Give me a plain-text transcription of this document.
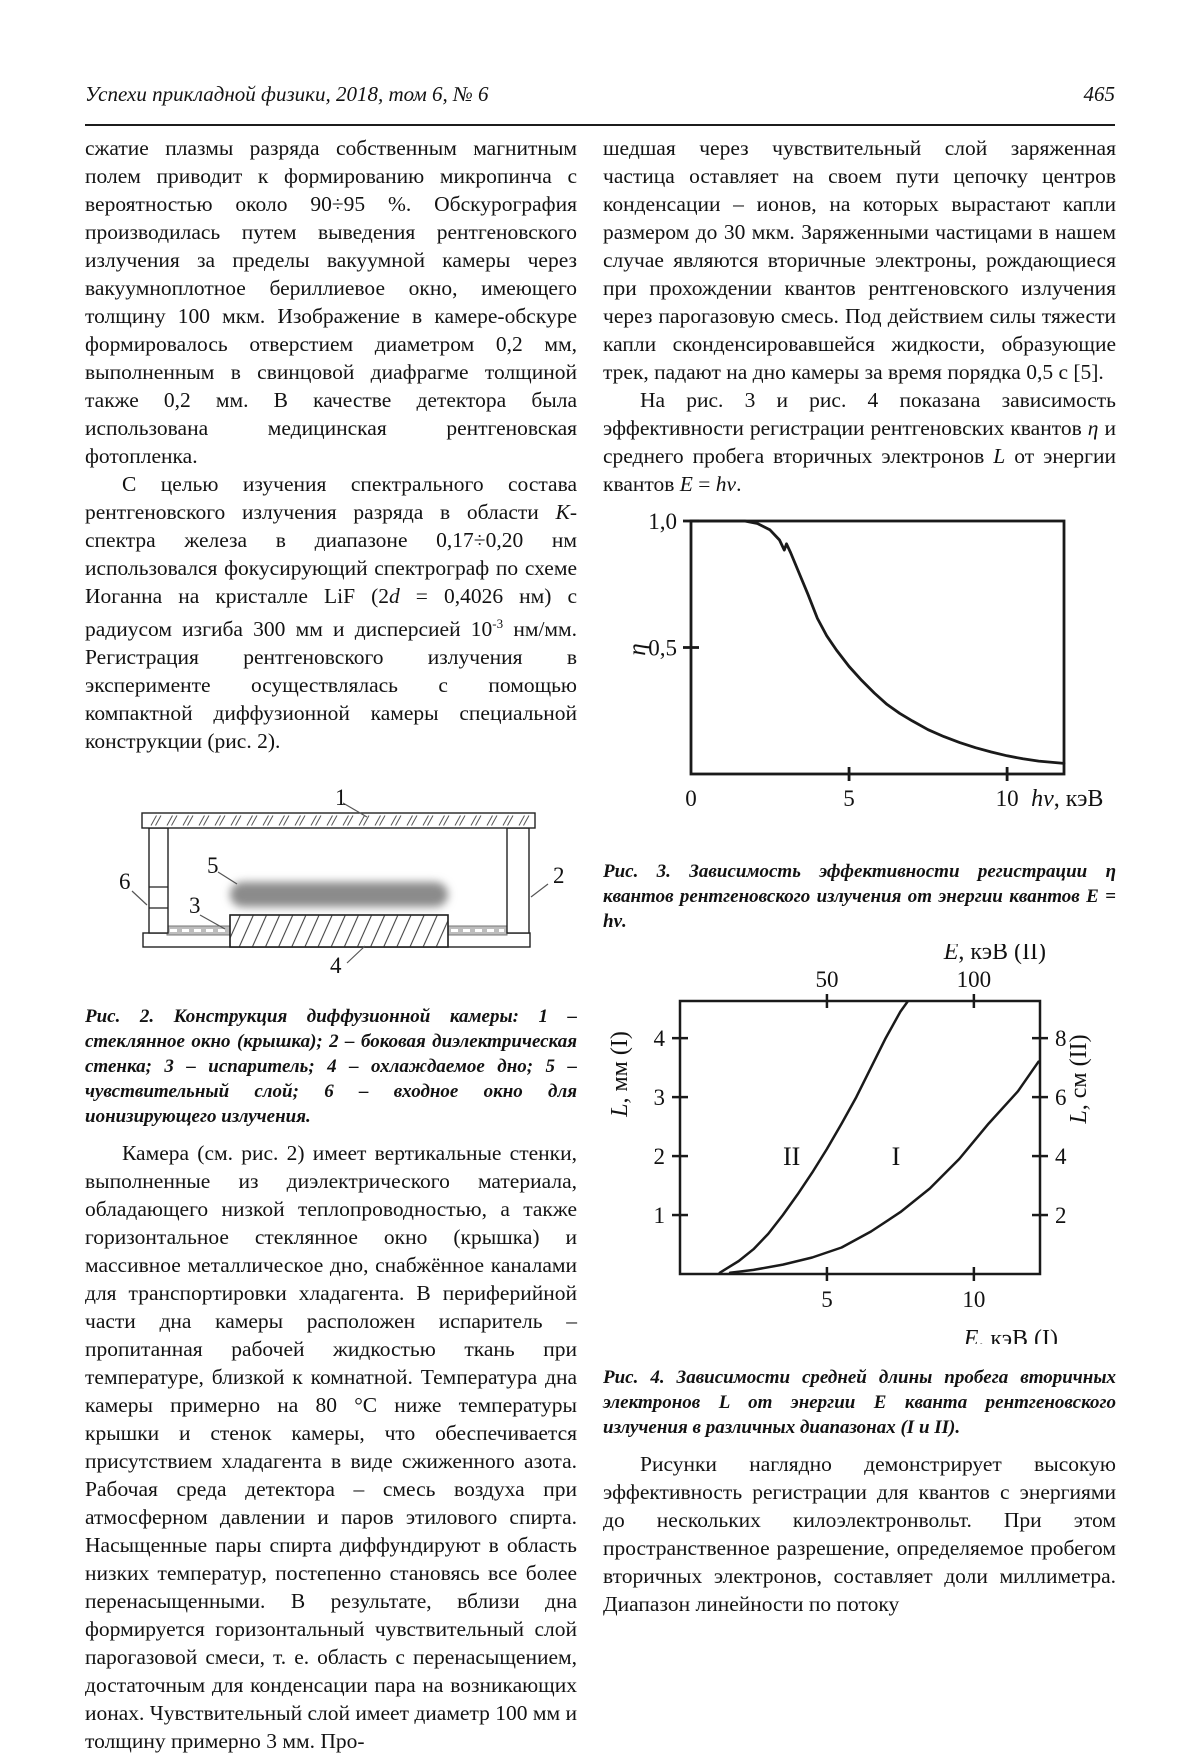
Успехи прикладной физики, 2018, том 6, № 6	465

сжатие плазмы разряда собственным магнитным полем приводит к формированию микропинча с вероятностью около 90÷95 %. Обскурография производилась путем выведения рентгеновского излучения за пределы вакуумной камеры через вакуумноплотное бериллиевое окно, имеющего толщину 100 мкм. Изображение в камере-обскуре формировалось отверстием диаметром 0,2 мм, выполненным в свинцовой диафрагме толщиной также 0,2 мм. В качестве детектора была использована медицинская рентгеновская фотопленка.

С целью изучения спектрального состава рентгеновского излучения разряда в области K-спектра железа в диапазоне 0,17÷0,20 нм использовался фокусирующий спектрограф по схеме Иоганна на кристалле LiF (2d = 0,4026 нм) с радиусом изгиба 300 мм и дисперсией $10^{-3}$ нм/мм. Регистрация рентгеновского излучения в эксперименте осуществлялась с помощью компактной диффузионной камеры специальной конструкции (рис. 2).

1
2
3
4
5
6

Рис. 2. Конструкция диффузионной камеры: 1 – стеклянное окно (крышка); 2 – боковая диэлектрическая стенка; 3 – испаритель; 4 – охлаждаемое дно; 5 – чувствительный слой; 6 – входное окно для ионизирующего излучения.

Камера (см. рис. 2) имеет вертикальные стенки, выполненные из диэлектрического материала, обладающего низкой теплопроводностью, а также горизонтальное стеклянное окно (крышка) и массивное металлическое дно, снабжённое каналами для транспортировки хладагента. В периферийной части дна камеры расположен испаритель – пропитанная рабочей жидкостью ткань при температуре, близкой к комнатной. Температура дна камеры примерно на 80 °С ниже температуры крышки и стенок камеры, что обеспечивается присутствием хладагента в виде сжиженного азота. Рабочая среда детектора – смесь воздуха при атмосферном давлении и паров этилового спирта. Насыщенные пары спирта диффундируют в область низких температур, постепенно становясь все более перенасыщенными. В результате, вблизи дна формируется горизонтальный чувствительный слой парогазовой смеси, т. е. область с перенасыщением, достаточным для конденсации пара на возникающих ионах. Чувствительный слой имеет диаметр 100 мм и толщину примерно 3 мм. Про-

шедшая через чувствительный слой заряженная частица оставляет на своем пути цепочку центров конденсации – ионов, на которых вырастают капли размером до 30 мкм. Заряженными частицами в нашем случае являются вторичные электроны, рождающиеся при прохождении квантов рентгеновского излучения через парогазовую смесь. Под действием силы тяжести капли сконденсировавшейся жидкости, образующие трек, падают на дно камеры за время порядка 0,5 с [5].

На рис. 3 и рис. 4 показана зависимость эффективности регистрации рентгеновских квантов η и среднего пробега вторичных электронов L от энергии квантов E = hν.

0	5	10
1,0
0,5
hν, кэВ
η

Рис. 3. Зависимость эффективности регистрации η квантов рентгеновского излучения от энергии квантов E = hν.

5	10
50	100
1
2
3
4
2
4
6
8
E, кэВ (II)
E, кэВ (I)
L, мм (I)
L, см (II)
I
II

Рис. 4. Зависимости средней длины пробега вторичных электронов L от энергии E кванта рентгеновского излучения в различных диапазонах (I и II).

Рисунки наглядно демонстрирует высокую эффективность регистрации для квантов с энергиями до нескольких килоэлектронвольт. При этом пространственное разрешение, определяемое пробегом вторичных электронов, составляет доли миллиметра. Диапазон линейности по потоку
